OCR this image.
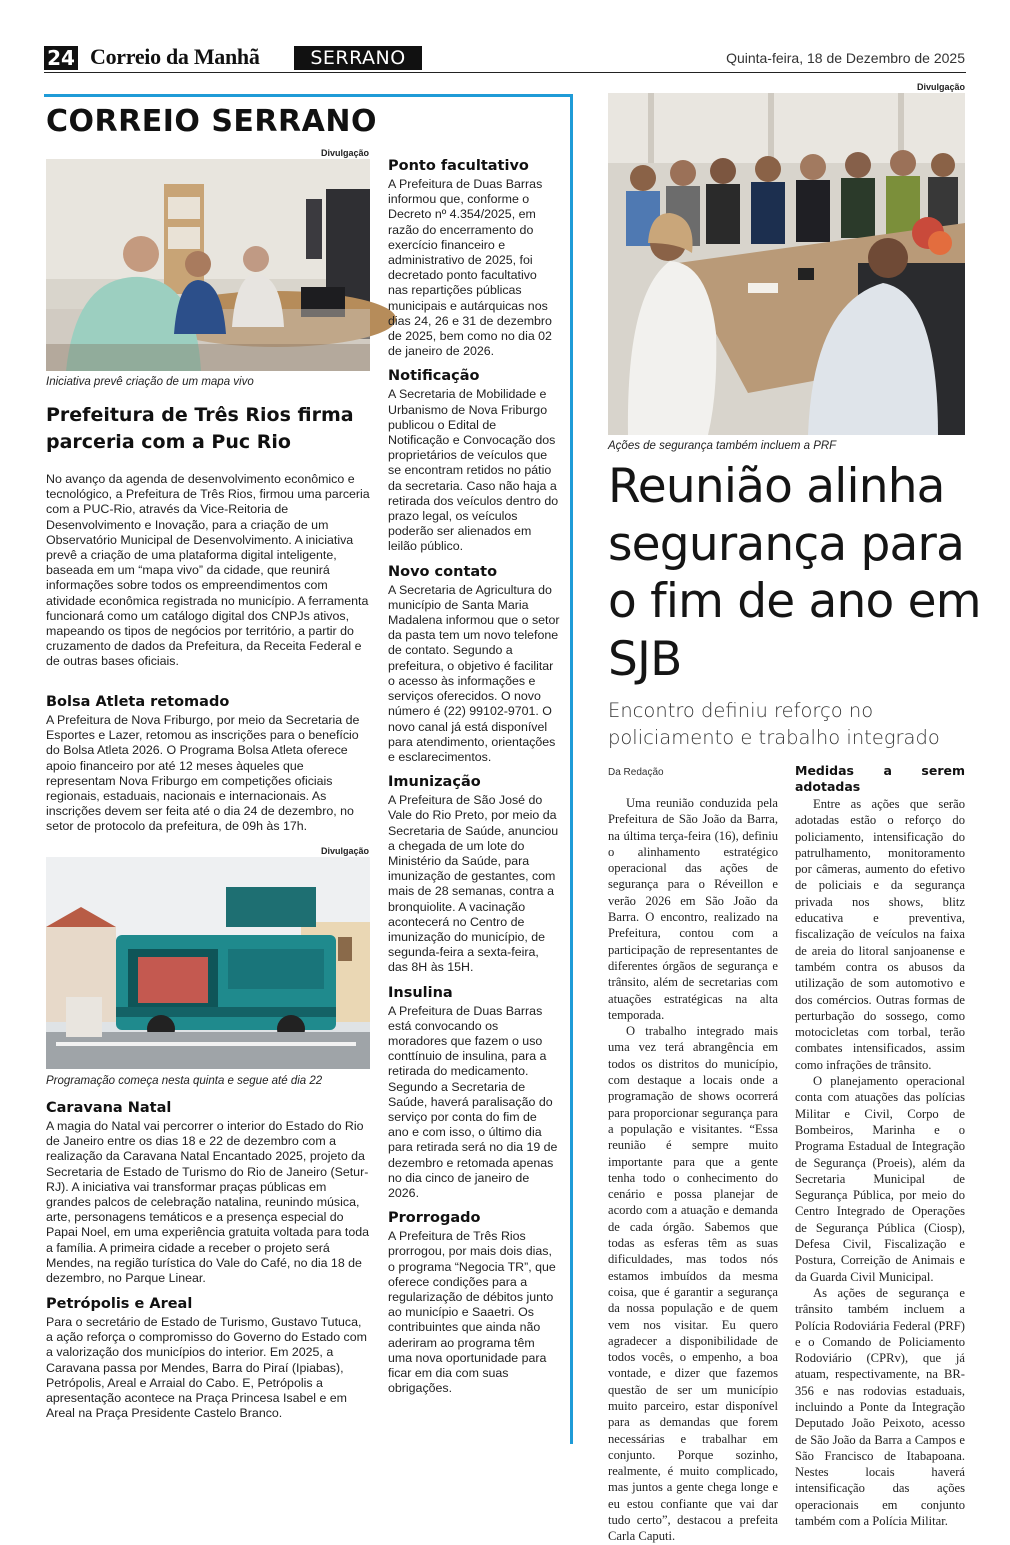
24 Correio da Manhã	SERRANO	Quinta-feira, 18 de Dezembro de 2025
CORREIO SERRANO
Divulgação
Iniciativa prevê criação de um mapa vivo
Prefeitura de Três Rios firma parceria com a Puc Rio
No avanço da agenda de desenvolvimento econômico e tecnológico, a Prefeitura de Três Rios, firmou uma parceria com a PUC-Rio, através da Vice-Reitoria de Desenvolvimento e Inovação, para a criação de um Observatório Municipal de Desenvolvimento. A iniciativa prevê a criação de uma plataforma digital inteligente, baseada em um “mapa vivo” da cidade, que reunirá informações sobre todos os empreendimentos com atividade econômica registrada no município. A ferramenta funcionará como um catálogo digital dos CNPJs ativos, mapeando os tipos de negócios por território, a partir do cruzamento de dados da Prefeitura, da Receita Federal e de outras bases oficiais.
Bolsa Atleta retomado
A Prefeitura de Nova Friburgo, por meio da Secretaria de Esportes e Lazer, retomou as inscrições para o benefício do Bolsa Atleta 2026. O Programa Bolsa Atleta oferece apoio financeiro por até 12 meses àqueles que representam Nova Friburgo em competições oficiais regionais, estaduais, nacionais e internacionais. As inscrições devem ser feita até o dia 24 de dezembro, no setor de protocolo da prefeitura, de 09h às 17h.
Divulgação
Programação começa nesta quinta e segue até dia 22
Caravana Natal
A magia do Natal vai percorrer o interior do Estado do Rio de Janeiro entre os dias 18 e 22 de dezembro com a realização da Caravana Natal Encantado 2025, projeto da Secretaria de Estado de Turismo do Rio de Janeiro (Setur-RJ). A iniciativa vai transformar praças públicas em grandes palcos de celebração natalina, reunindo música, arte, personagens temáticos e a presença especial do Papai Noel, em uma experiência gratuita voltada para toda a família. A primeira cidade a receber o projeto será Mendes, na região turística do Vale do Café, no dia 18 de dezembro, no Parque Linear.
Petrópolis e Areal
Para o secretário de Estado de Turismo, Gustavo Tutuca, a ação reforça o compromisso do Governo do Estado com a valorização dos municípios do interior. Em 2025, a Caravana passa por Mendes, Barra do Piraí (Ipiabas), Petrópolis, Areal e Arraial do Cabo. E, Petrópolis a apresentação acontece na Praça Princesa Isabel e em Areal na Praça Presidente Castelo Branco.
Ponto facultativo
A Prefeitura de Duas Barras informou que, conforme o Decreto nº 4.354/2025, em razão do encerramento do exercício financeiro e administrativo de 2025, foi decretado ponto facultativo nas repartições públicas municipais e autárquicas nos dias 24, 26 e 31 de dezembro de 2025, bem como no dia 02 de janeiro de 2026.
Notificação
A Secretaria de Mobilidade e Urbanismo de Nova Friburgo publicou o Edital de Notificação e Convocação dos proprietários de veículos que se encontram retidos no pátio da secretaria. Caso não haja a retirada dos veículos dentro do prazo legal, os veículos poderão ser alienados em leilão público.
Novo contato
A Secretaria de Agricultura do município de Santa Maria Madalena informou que o setor da pasta tem um novo telefone de contato. Segundo a prefeitura, o objetivo é facilitar o acesso às informações e serviços oferecidos. O novo número é (22) 99102-9701. O novo canal já está disponível para atendimento, orientações e esclarecimentos.
Imunização
A Prefeitura de São José do Vale do Rio Preto, por meio da Secretaria de Saúde, anunciou a chegada de um lote do Ministério da Saúde, para imunização de gestantes, com mais de 28 semanas, contra a bronquiolite. A vacinação acontecerá no Centro de imunização do município, de segunda-feira a sexta-feira, das 8H às 15H.
Insulina
A Prefeitura de Duas Barras está convocando os moradores que fazem o uso conttínuio de insulina, para a retirada do medicamento. Segundo a Secretaria de Saúde, haverá paralisação do serviço por conta do fim de ano e com isso, o último dia para retirada será no dia 19 de dezembro e retomada apenas no dia cinco de janeiro de 2026.
Prorrogado
A Prefeitura de Três Rios prorrogou, por mais dois dias, o programa “Negocia TR”, que oferece condições para a regularização de débitos junto ao município e Saaetri. Os contribuintes que ainda não aderiram ao programa têm uma nova oportunidade para ficar em dia com suas obrigações.
Divulgação
Ações de segurança também incluem a PRF
Reunião alinha segurança para o fim de ano em SJB
Encontro definiu reforço no policiamento e trabalho integrado
Da Redação

Uma reunião conduzida pela Prefeitura de São João da Barra, na última terça-feira (16), definiu o alinhamento estratégico operacional das ações de segurança para o Réveillon e verão 2026 em São João da Barra. O encontro, realizado na Prefeitura, contou com a participação de representantes de diferentes órgãos de segurança e trânsito, além de secretarias com atuações estratégicas na alta temporada.

O trabalho integrado mais uma vez terá abrangência em todos os distritos do município, com destaque a locais onde a programação de shows ocorrerá para proporcionar segurança para a população e visitantes. “Essa reunião é sempre muito importante para que a gente tenha todo o conhecimento do cenário e possa planejar de acordo com a atuação e demanda de cada órgão. Sabemos que todas as esferas têm as suas dificuldades, mas todos nós estamos imbuídos da mesma coisa, que é garantir a segurança da nossa população e de quem vem nos visitar. Eu quero agradecer a disponibilidade de todos vocês, o empenho, a boa vontade, e dizer que fazemos questão de ser um município muito parceiro, estar disponível para as demandas que forem necessárias e trabalhar em conjunto. Porque sozinho, realmente, é muito complicado, mas juntos a gente chega longe e eu estou confiante que vai dar tudo certo”, destacou a prefeita Carla Caputi.

Medidas a serem adotadas

Entre as ações que serão adotadas estão o reforço do policiamento, intensificação do patrulhamento, monitoramento por câmeras, aumento do efetivo de policiais e da segurança privada nos shows, blitz educativa e preventiva, fiscalização de veículos na faixa de areia do litoral sanjoanense e também contra os abusos da utilização de som automotivo e dos comércios. Outras formas de perturbação do sossego, como motocicletas com torbal, terão combates intensificados, assim como infrações de trânsito.

O planejamento operacional conta com atuações das polícias Militar e Civil, Corpo de Bombeiros, Marinha e o Programa Estadual de Integração de Segurança (Proeis), além da Secretaria Municipal de Segurança Pública, por meio do Centro Integrado de Operações de Segurança Pública (Ciosp), Defesa Civil, Fiscalização e Postura, Correição de Animais e da Guarda Civil Municipal.

As ações de segurança e trânsito também incluem a Polícia Rodoviária Federal (PRF) e o Comando de Policiamento Rodoviário (CPRv), que já atuam, respectivamente, na BR-356 e nas rodovias estaduais, incluindo a Ponte da Integração Deputado João Peixoto, acesso de São João da Barra a Campos e São Francisco de Itabapoana. Nestes locais haverá intensificação das ações operacionais em conjunto também com a Polícia Militar.
